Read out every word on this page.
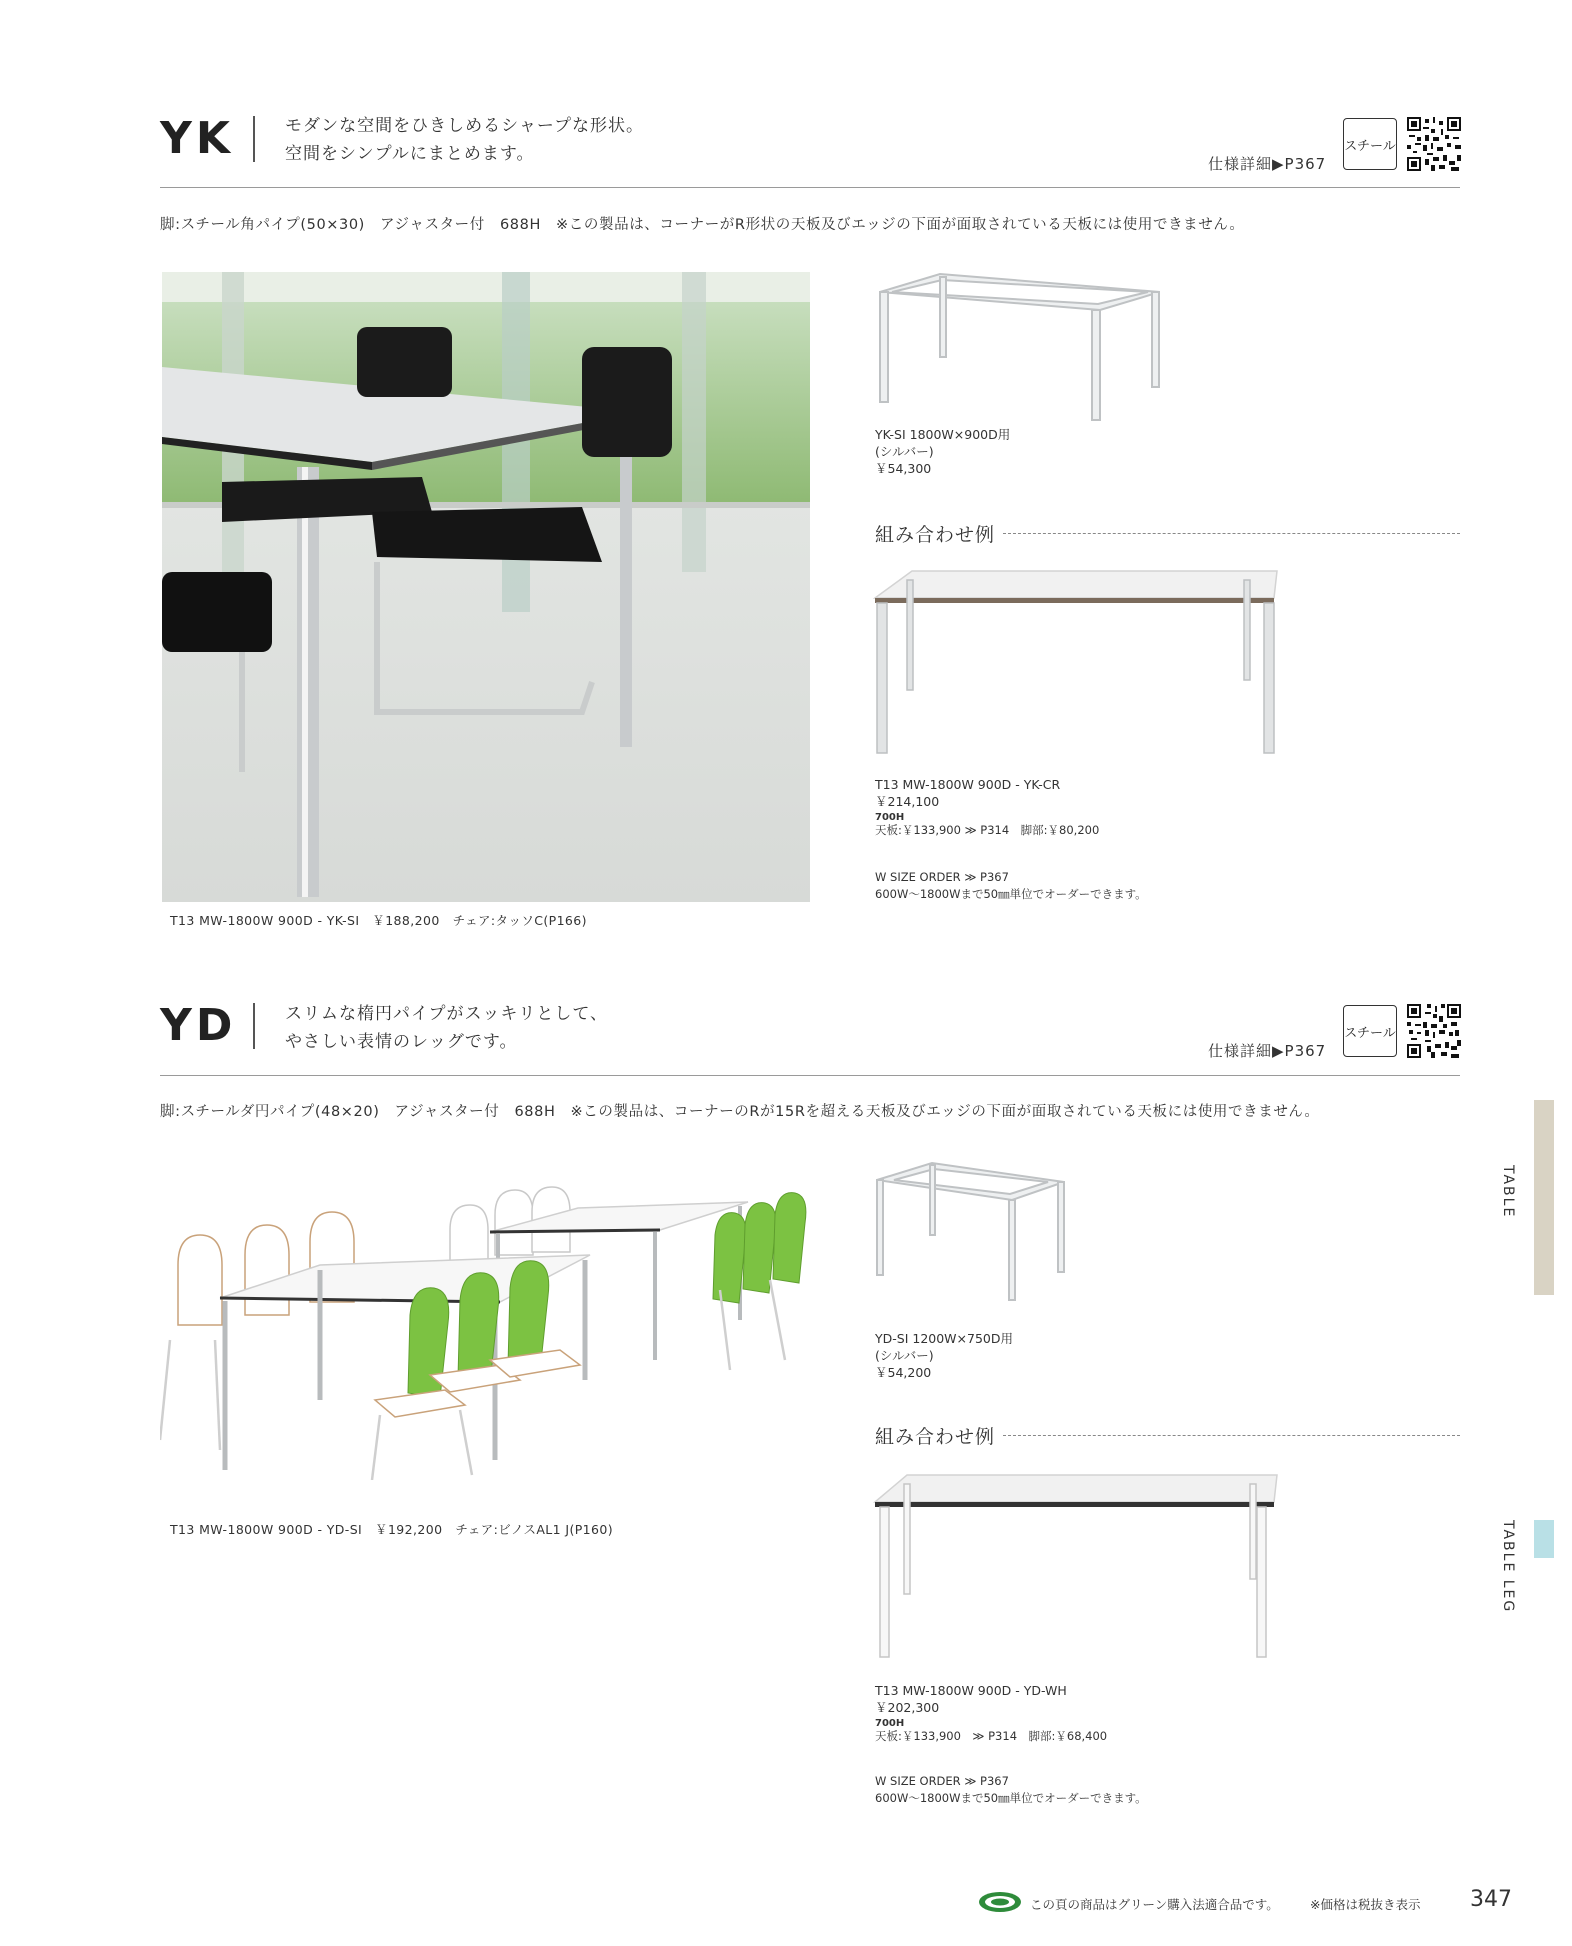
YK	モダンな空間をひきしめるシャープな形状。
空間をシンプルにまとめます。	仕様詳細▶P367
スチール
脚:スチール角パイプ(50×30)　アジャスター付　688H　※この製品は、コーナーがR形状の天板及びエッジの下面が面取されている天板には使用できません。
T13 MW-1800W 900D - YK-SI　￥188,200　チェア:タッソC(P166)
YK-SI 1800W×900D用
(シルバー)
￥54,300
組み合わせ例
T13 MW-1800W 900D - YK-CR
￥214,100
700H
天板:￥133,900 ≫ P314　脚部:￥80,200
W SIZE ORDER ≫ P367
600W～1800Wまで50㎜単位でオーダーできます。
YD	スリムな楕円パイプがスッキリとして、
やさしい表情のレッグです。	仕様詳細▶P367
スチール
脚:スチールダ円パイプ(48×20)　アジャスター付　688H　※この製品は、コーナーのRが15Rを超える天板及びエッジの下面が面取されている天板には使用できません。
T13 MW-1800W 900D - YD-SI　￥192,200　チェア:ビノスAL1 J(P160)
YD-SI 1200W×750D用
(シルバー)
￥54,200
組み合わせ例
T13 MW-1800W 900D - YD-WH
￥202,300
700H
天板:￥133,900　≫ P314　脚部:￥68,400
W SIZE ORDER ≫ P367
600W～1800Wまで50㎜単位でオーダーできます。
TABLE
TABLE LEG
この頁の商品はグリーン購入法適合品です。 ※価格は税抜き表示 347
